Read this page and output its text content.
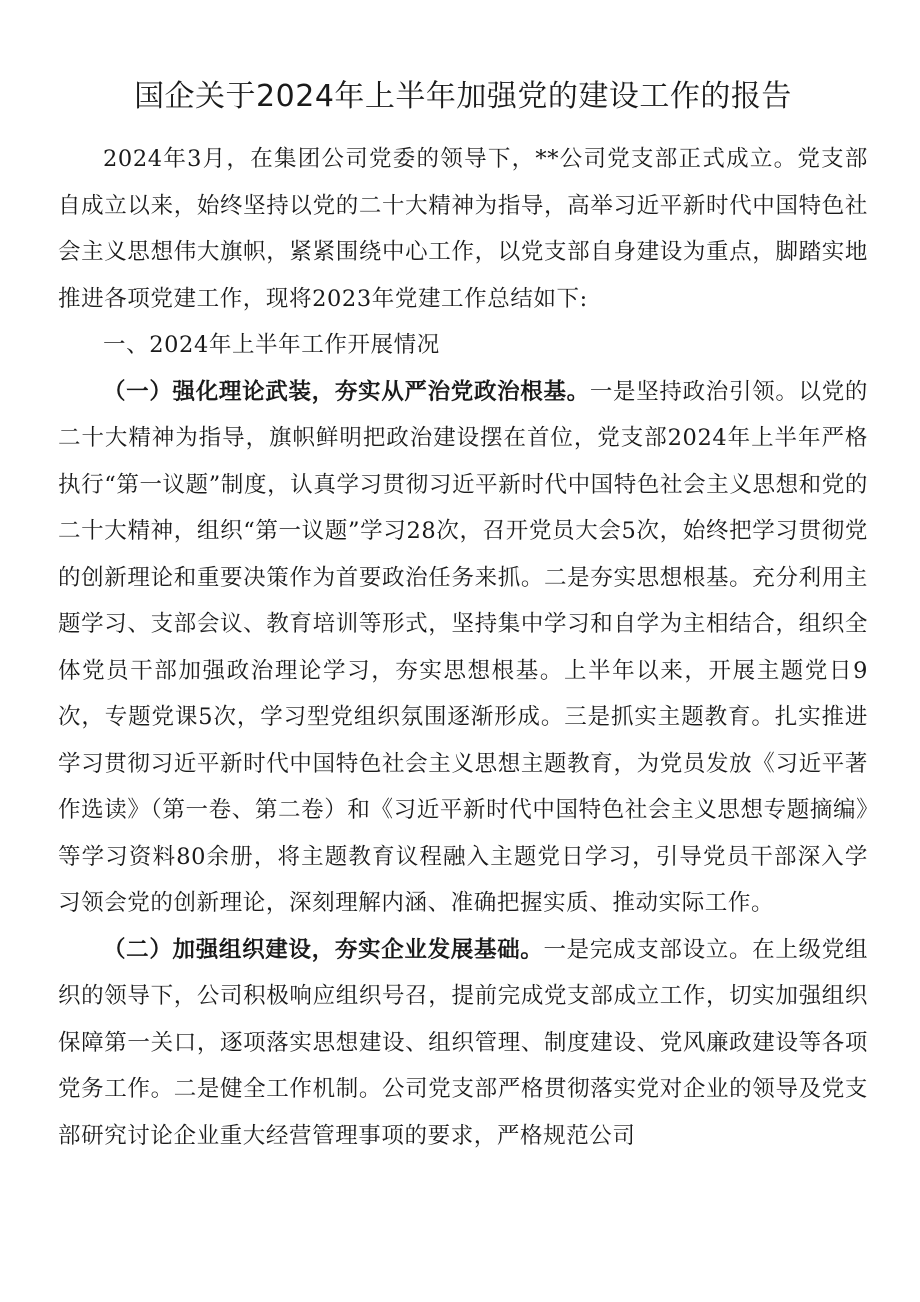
国企关于2024年上半年加强党的建设工作的报告

2024年3月，在集团公司党委的领导下，**公司党支部正式成立。党支部自成立以来，始终坚持以党的二十大精神为指导，高举习近平新时代中国特色社会主义思想伟大旗帜，紧紧围绕中心工作，以党支部自身建设为重点，脚踏实地推进各项党建工作，现将2023年党建工作总结如下:

一、2024年上半年工作开展情况

（一）强化理论武装，夯实从严治党政治根基。一是坚持政治引领。以党的二十大精神为指导，旗帜鲜明把政治建设摆在首位，党支部2024年上半年严格执行“第一议题”制度，认真学习贯彻习近平新时代中国特色社会主义思想和党的二十大精神，组织“第一议题”学习28次，召开党员大会5次，始终把学习贯彻党的创新理论和重要决策作为首要政治任务来抓。二是夯实思想根基。充分利用主题学习、支部会议、教育培训等形式，坚持集中学习和自学为主相结合，组织全体党员干部加强政治理论学习，夯实思想根基。上半年以来，开展主题党日9次，专题党课5次，学习型党组织氛围逐渐形成。三是抓实主题教育。扎实推进学习贯彻习近平新时代中国特色社会主义思想主题教育，为党员发放《习近平著作选读》（第一卷、第二卷）和《习近平新时代中国特色社会主义思想专题摘编》等学习资料80余册，将主题教育议程融入主题党日学习，引导党员干部深入学习领会党的创新理论，深刻理解内涵、准确把握实质、推动实际工作。

（二）加强组织建设，夯实企业发展基础。一是完成支部设立。在上级党组织的领导下，公司积极响应组织号召，提前完成党支部成立工作，切实加强组织保障第一关口，逐项落实思想建设、组织管理、制度建设、党风廉政建设等各项党务工作。二是健全工作机制。公司党支部严格贯彻落实党对企业的领导及党支部研究讨论企业重大经营管理事项的要求，严格规范公司
